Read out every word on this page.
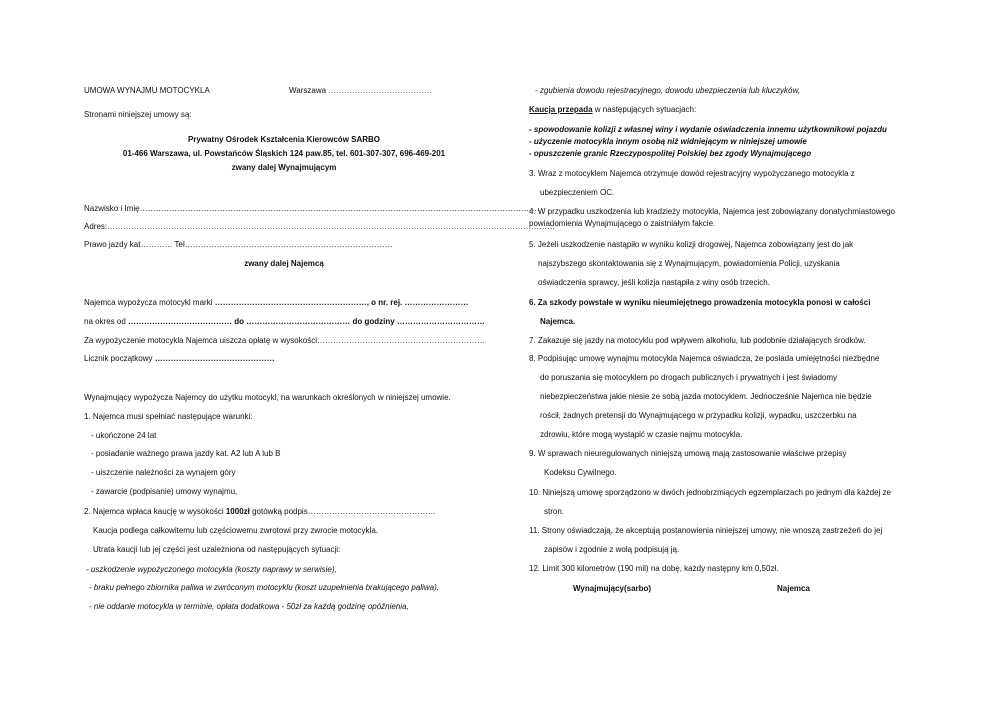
UMOWA WYNAJMU MOTOCYKLA	Warszawa …………………………………
Stronami niniejszej umowy są:
Prywatny Ośrodek Kształcenia Kierowców SARBO
01-466 Warszawa, ul. Powstańców Śląskich 124 paw.85, tel. 601-307-307, 696-469-201
zwany dalej Wynajmującym
Nazwisko i Imię……………………………………………………………………………………………………………………………………
Adres:……………………………………………………………………………………………………………………………………………………
Prawo jazdy kat………… Tel……………………………………………………………………
zwany dalej Najemcą
Najemca wypożycza motocykl marki …………………………………………………, o nr. rej. ……………………
na okres od ………………………………… do ………………………………… do godziny ……………………………
Za wypożyczenie motocykla Najemca uiszcza opłatę w wysokości………………………………………………………
Licznik początkowy ………………………………………
Wynajmujący wypożycza Najemcy do użytku motocykl, na warunkach określonych w niniejszej umowie.
1. Najemca musi spełniać następujące warunki:
- ukończone 24 lat
- posiadanie ważnego prawa jazdy kat. A2 lub A lub B
- uiszczenie należności za wynajem góry
- zawarcie (podpisanie) umowy wynajmu,
2. Najemca wpłaca kaucję w wysokości 1000zł gotówką podpis…………………………………………
Kaucja podlega całkowitemu lub częściowemu zwrotowi przy zwrocie motocykla.
Utrata kaucji lub jej części jest uzależniona od następujących sytuacji:
- uszkodzenie wypożyczonego motocykla (koszty naprawy w serwisie),
- braku pełnego zbiornika paliwa w zwróconym motocyklu (koszt uzupełnienia brakującego paliwa),
- nie oddanie motocykla w terminie, opłata dodatkowa - 50zł za każdą godzinę opóźnienia,
- zgubienia dowodu rejestracyjnego, dowodu ubezpieczenia lub kluczyków,
Kaucja przepada w następujących sytuacjach:
- spowodowanie kolizji z własnej winy i wydanie oświadczenia innemu użytkownikowi pojazdu
- użyczenie motocykla innym osobą niż widniejącym w niniejszej umowie
- opuszczenie granic Rzeczypospolitej Polskiej bez zgody Wynajmującego
3. Wraz z motocyklem Najemca otrzymuje dowód rejestracyjny wypożyczanego motocykla z
ubezpieczeniem OC.
4. W przypadku uszkodzenia lub kradzieży motocykla, Najemca jest zobowiązany donatychmiastowego
powiadomienia Wynajmującego o zaistniałym fakcie.
5. Jeżeli uszkodzenie nastąpiło w wyniku kolizji drogowej, Najemca zobowiązany jest do jak
najszybszego skontaktowania się z Wynajmującym, powiadomienia Policji, uzyskania
oświadczenia sprawcy, jeśli kolizja nastąpiła z winy osób trzecich.
6. Za szkody powstałe w wyniku nieumiejętnego prowadzenia motocykla ponosi w całości
Najemca.
7. Zakazuje się jazdy na motocyklu pod wpływem alkoholu, lub podobnie działających środków.
8. Podpisując umowę wynajmu motocykla Najemca oświadcza, że posiada umiejętności niezbędne
do poruszania się motocyklem po drogach publicznych i prywatnych i jest świadomy
niebezpieczeństwa jakie niesie ze sobą jazda motocyklem. Jednocześnie Najemca nie będzie
rościł, żadnych pretensji do Wynajmującego w przypadku kolizji, wypadku, uszczerbku na
zdrowiu, które mogą wystąpić w czasie najmu motocykla.
9. W sprawach nieuregulowanych niniejszą umową mają zastosowanie właściwe przepisy
Kodeksu Cywilnego.
10. Niniejszą umowę sporządzono w dwóch jednobrzmiących egzemplarzach po jednym dla każdej ze
stron.
11. Strony oświadczają, że akceptują postanowienia niniejszej umowy, nie wnoszą zastrzeżeń do jej
zapisów i zgodnie z wolą podpisują ją.
12. Limit 300 kilometrów (190 mil) na dobę, każdy następny km 0,50zł.
Wynajmujący(sarbo)	Najemca
